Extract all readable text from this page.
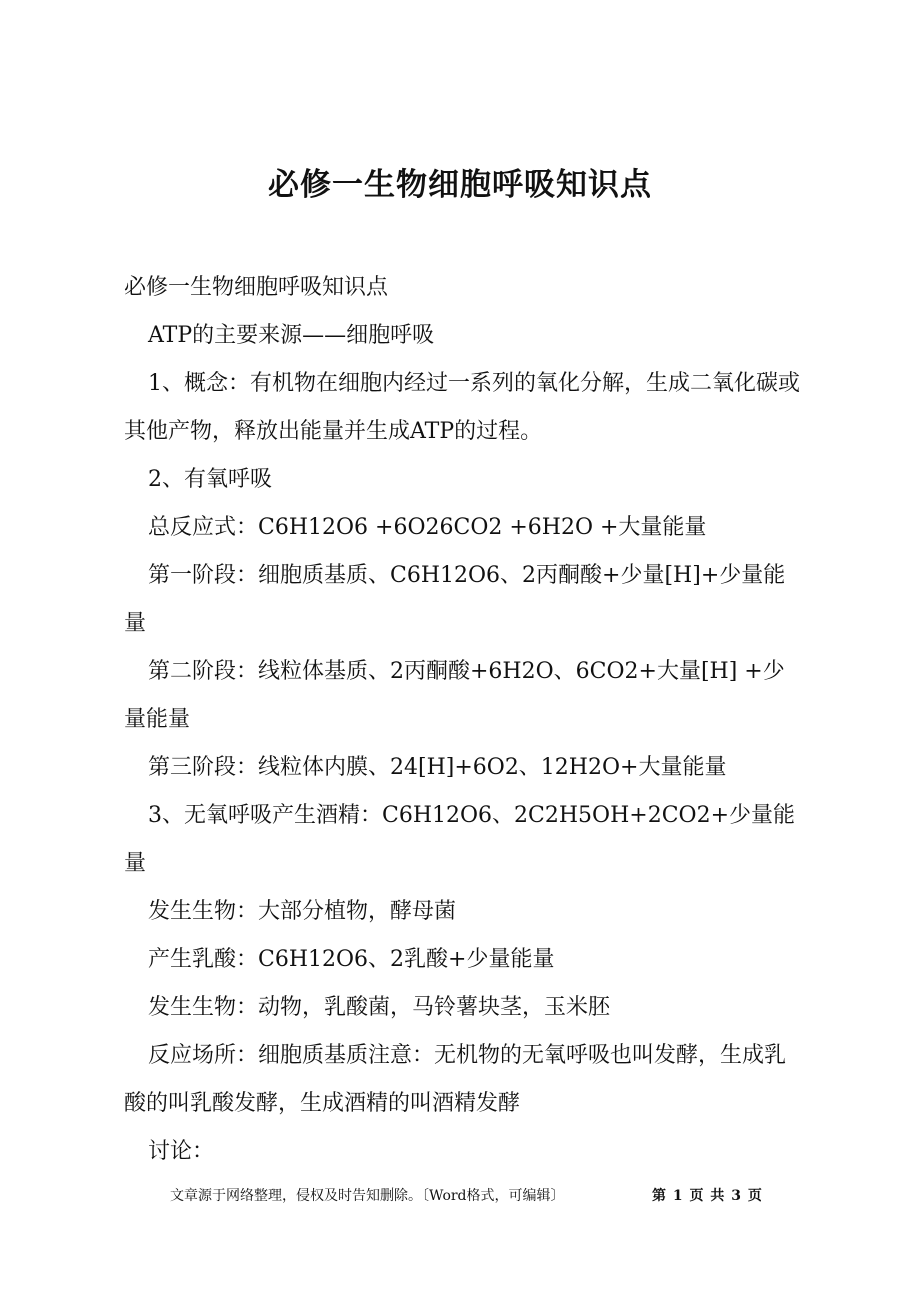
必修一生物细胞呼吸知识点

必修一生物细胞呼吸知识点

ATP的主要来源——细胞呼吸

1、概念：有机物在细胞内经过一系列的氧化分解，生成二氧化碳或其他产物，释放出能量并生成ATP的过程。

2、有氧呼吸

总反应式：C6H12O6 +6O26CO2 +6H2O +大量能量

第一阶段：细胞质基质、C6H12O6、2丙酮酸+少量[H]+少量能量

第二阶段：线粒体基质、2丙酮酸+6H2O、6CO2+大量[H] +少量能量

第三阶段：线粒体内膜、24[H]+6O2、12H2O+大量能量

3、无氧呼吸产生酒精：C6H12O6、2C2H5OH+2CO2+少量能量

发生生物：大部分植物，酵母菌

产生乳酸：C6H12O6、2乳酸+少量能量

发生生物：动物，乳酸菌，马铃薯块茎，玉米胚

反应场所：细胞质基质注意：无机物的无氧呼吸也叫发酵，生成乳酸的叫乳酸发酵，生成酒精的叫酒精发酵

讨论：

文章源于网络整理，侵权及时告知删除。〔Word格式，可编辑〕	第 1 页 共 3 页
